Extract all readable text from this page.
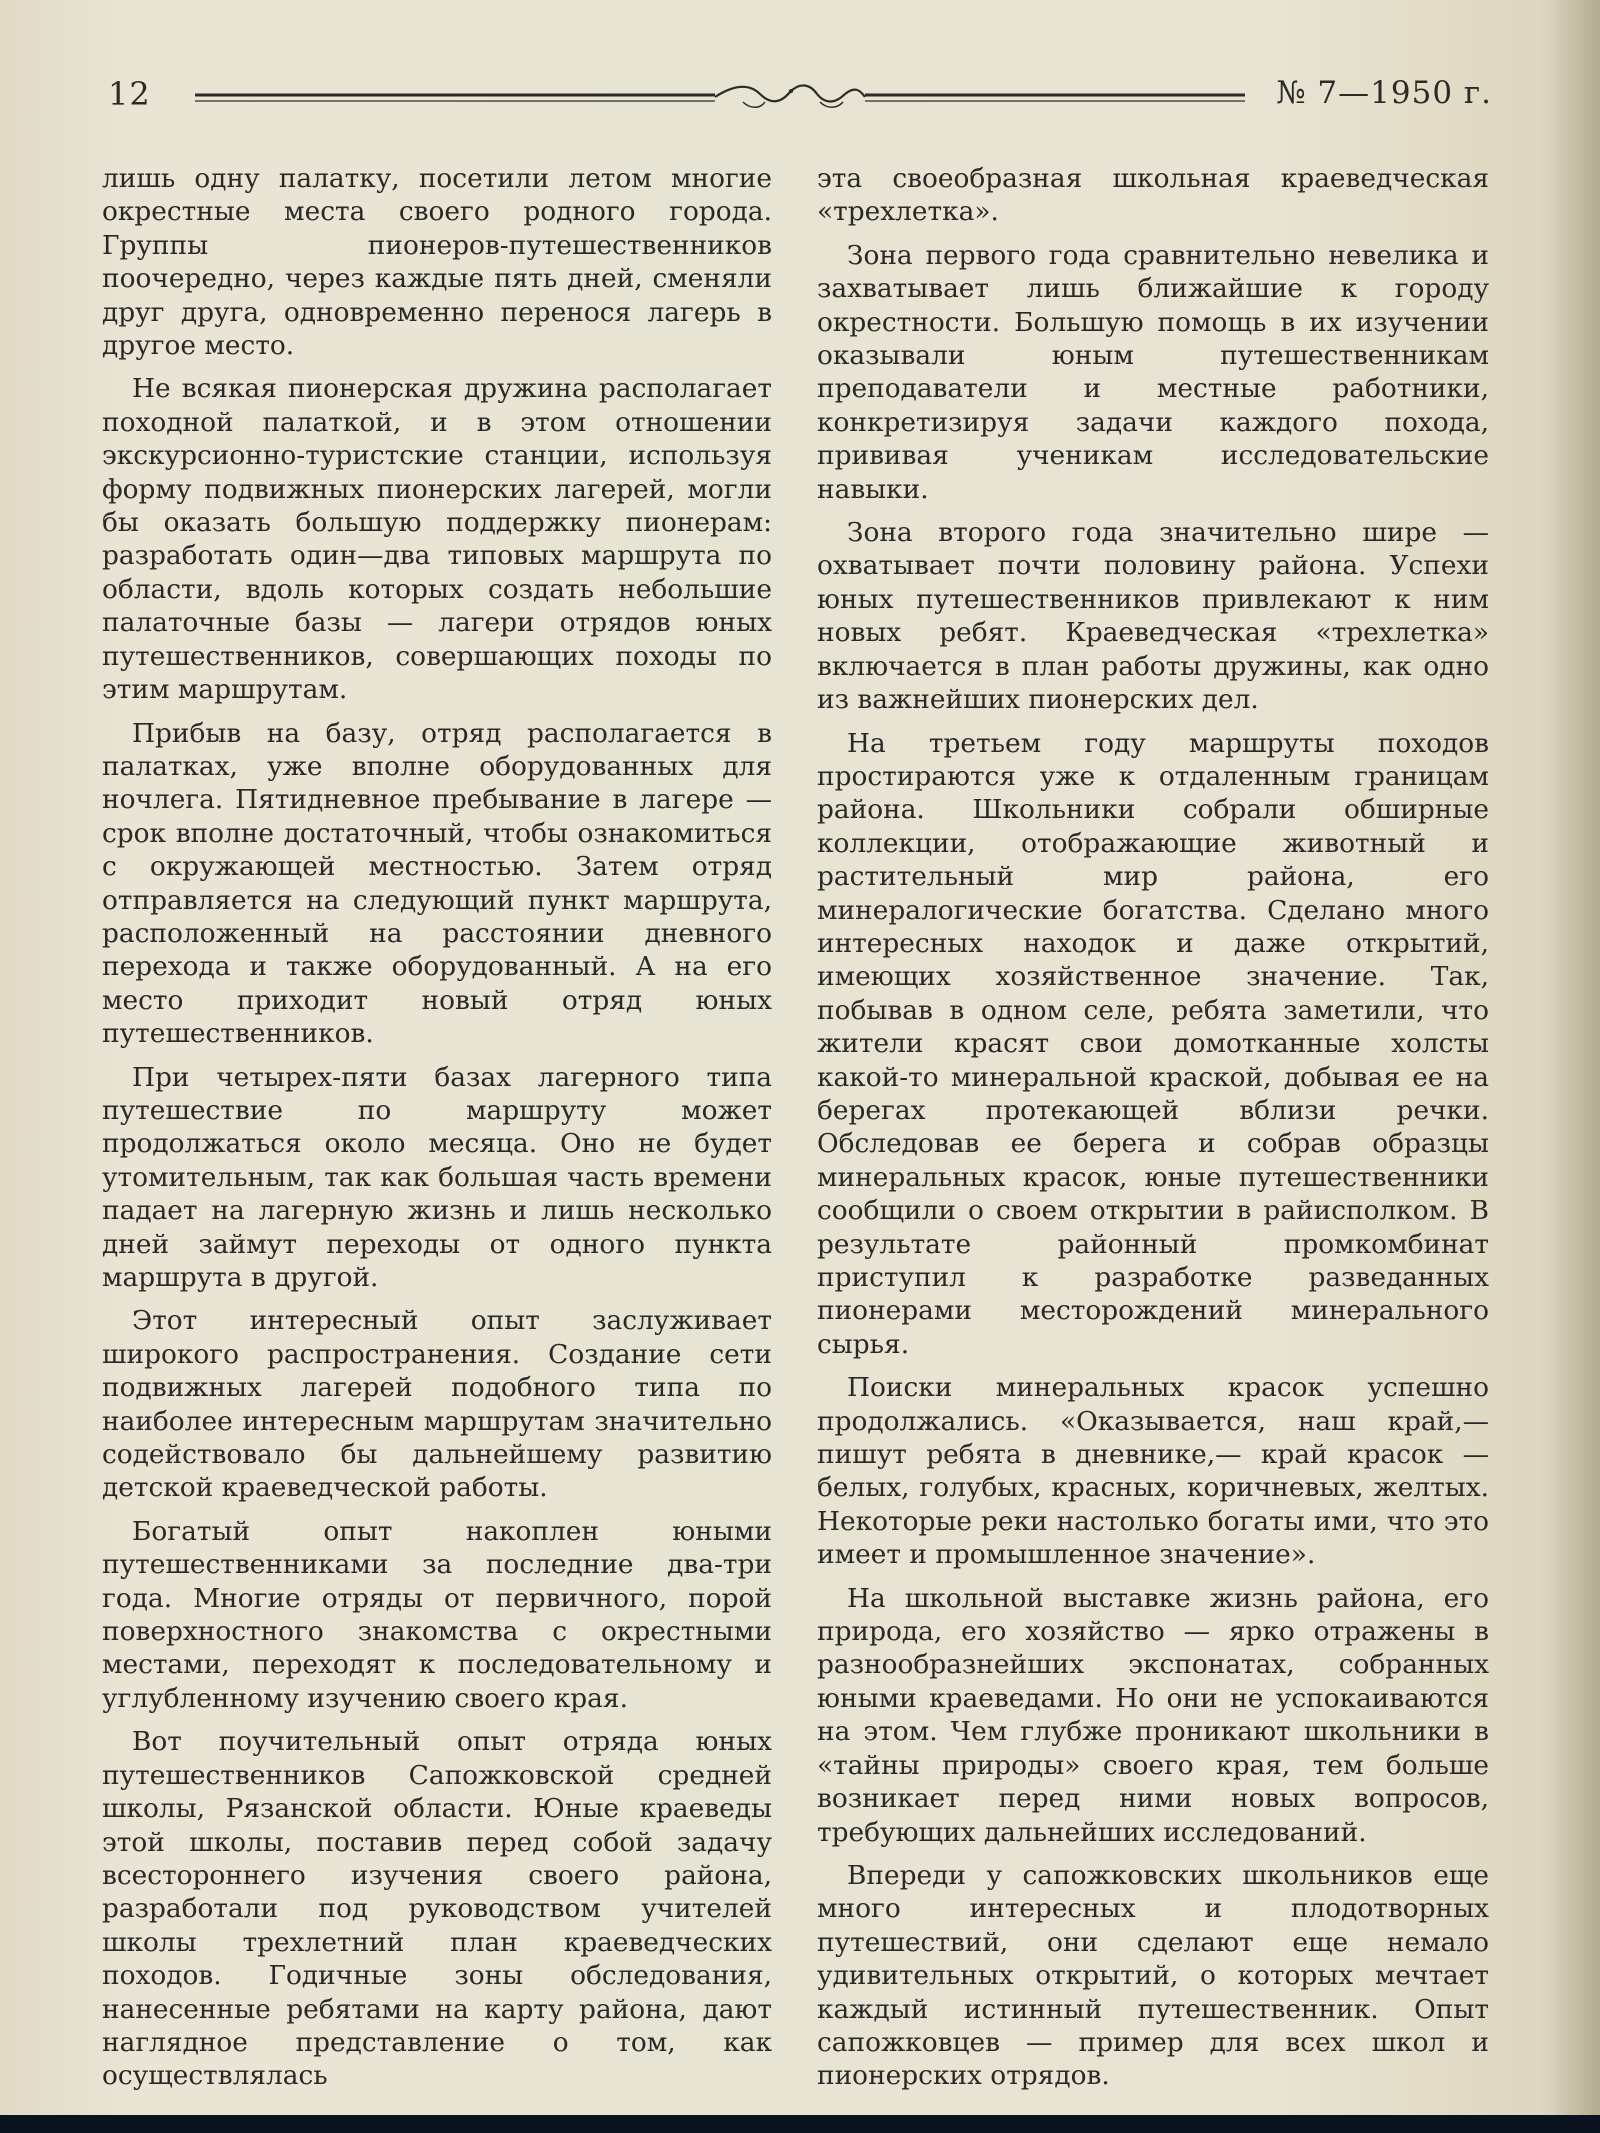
12	№ 7—1950 г.

лишь одну палатку, посетили летом многие окрестные места своего родного города. Группы пионеров-путешественников поочередно, через каждые пять дней, сменяли друг друга, одновременно перенося лагерь в другое место.

Не всякая пионерская дружина располагает походной палаткой, и в этом отношении экскурсионно-туристские станции, используя форму подвижных пионерских лагерей, могли бы оказать большую поддержку пионерам: разработать один—два типовых маршрута по области, вдоль которых создать небольшие палаточные базы — лагери отрядов юных путешественников, совершающих походы по этим маршрутам.

Прибыв на базу, отряд располагается в палатках, уже вполне оборудованных для ночлега. Пятидневное пребывание в лагере — срок вполне достаточный, чтобы ознакомиться с окружающей местностью. Затем отряд отправляется на следующий пункт маршрута, расположенный на расстоянии дневного перехода и также оборудованный. А на его место приходит новый отряд юных путешественников.

При четырех-пяти базах лагерного типа путешествие по маршруту может продолжаться около месяца. Оно не будет утомительным, так как большая часть времени падает на лагерную жизнь и лишь несколько дней займут переходы от одного пункта маршрута в другой.

Этот интересный опыт заслуживает широкого распространения. Создание сети подвижных лагерей подобного типа по наиболее интересным маршрутам значительно содействовало бы дальнейшему развитию детской краеведческой работы.

Богатый опыт накоплен юными путешественниками за последние два-три года. Многие отряды от первичного, порой поверхностного знакомства с окрестными местами, переходят к последовательному и углубленному изучению своего края.

Вот поучительный опыт отряда юных путешественников Сапожковской средней школы, Рязанской области. Юные краеведы этой школы, поставив перед собой задачу всестороннего изучения своего района, разработали под руководством учителей школы трехлетний план краеведческих походов. Годичные зоны обследования, нанесенные ребятами на карту района, дают наглядное представление о том, как осуществлялась

эта своеобразная школьная краеведческая «трехлетка».

Зона первого года сравнительно невелика и захватывает лишь ближайшие к городу окрестности. Большую помощь в их изучении оказывали юным путешественникам преподаватели и местные работники, конкретизируя задачи каждого похода, прививая ученикам исследовательские навыки.

Зона второго года значительно шире — охватывает почти половину района. Успехи юных путешественников привлекают к ним новых ребят. Краеведческая «трехлетка» включается в план работы дружины, как одно из важнейших пионерских дел.

На третьем году маршруты походов простираются уже к отдаленным границам района. Школьники собрали обширные коллекции, отображающие животный и растительный мир района, его минералогические богатства. Сделано много интересных находок и даже открытий, имеющих хозяйственное значение. Так, побывав в одном селе, ребята заметили, что жители красят свои домотканные холсты какой-то минеральной краской, добывая ее на берегах протекающей вблизи речки. Обследовав ее берега и собрав образцы минеральных красок, юные путешественники сообщили о своем открытии в райисполком. В результате районный промкомбинат приступил к разработке разведанных пионерами месторождений минерального сырья.

Поиски минеральных красок успешно продолжались. «Оказывается, наш край,— пишут ребята в дневнике,— край красок — белых, голубых, красных, коричневых, желтых. Некоторые реки настолько богаты ими, что это имеет и промышленное значение».

На школьной выставке жизнь района, его природа, его хозяйство — ярко отражены в разнообразнейших экспонатах, собранных юными краеведами. Но они не успокаиваются на этом. Чем глубже проникают школьники в «тайны природы» своего края, тем больше возникает перед ними новых вопросов, требующих дальнейших исследований.

Впереди у сапожковских школьников еще много интересных и плодотворных путешествий, они сделают еще немало удивительных открытий, о которых мечтает каждый истинный путешественник. Опыт сапожковцев — пример для всех школ и пионерских отрядов.
